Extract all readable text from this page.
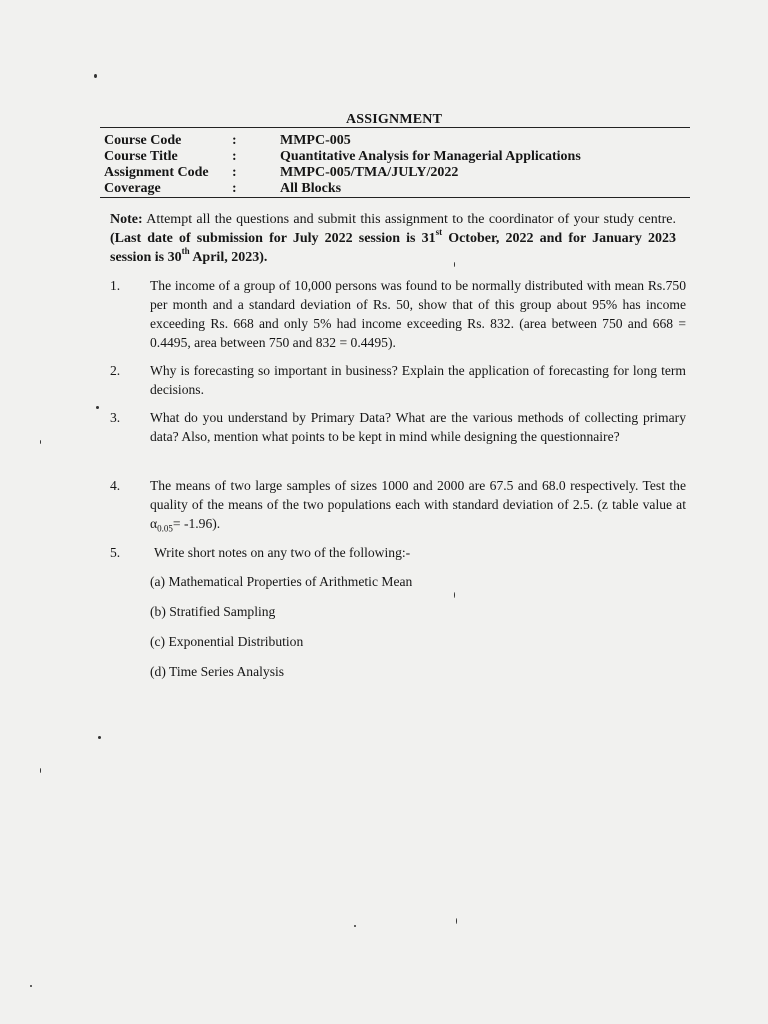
ASSIGNMENT
Course Code	:	MMPC-005
Course Title	:	Quantitative Analysis for Managerial Applications
Assignment Code	:	MMPC-005/TMA/JULY/2022
Coverage	:	All Blocks
Note: Attempt all the questions and submit this assignment to the coordinator of your study centre. (Last date of submission for July 2022 session is 31st October, 2022 and for January 2023 session is 30th April, 2023).
1.	The income of a group of 10,000 persons was found to be normally distributed with mean Rs.750 per month and a standard deviation of Rs. 50, show that of this group about 95% has income exceeding Rs. 668 and only 5% had income exceeding Rs. 832. (area between 750 and 668 = 0.4495, area between 750 and 832 = 0.4495).
2.	Why is forecasting so important in business? Explain the application of forecasting for long term decisions.
3.	What do you understand by Primary Data? What are the various methods of collecting primary data? Also, mention what points to be kept in mind while designing the questionnaire?
4.	The means of two large samples of sizes 1000 and 2000 are 67.5 and 68.0 respectively. Test the quality of the means of the two populations each with standard deviation of 2.5. (z table value at $\alpha_{0.05}= -1.96$).
5.	Write short notes on any two of the following:-
(a) Mathematical Properties of Arithmetic Mean
(b) Stratified Sampling
(c) Exponential Distribution
(d) Time Series Analysis
